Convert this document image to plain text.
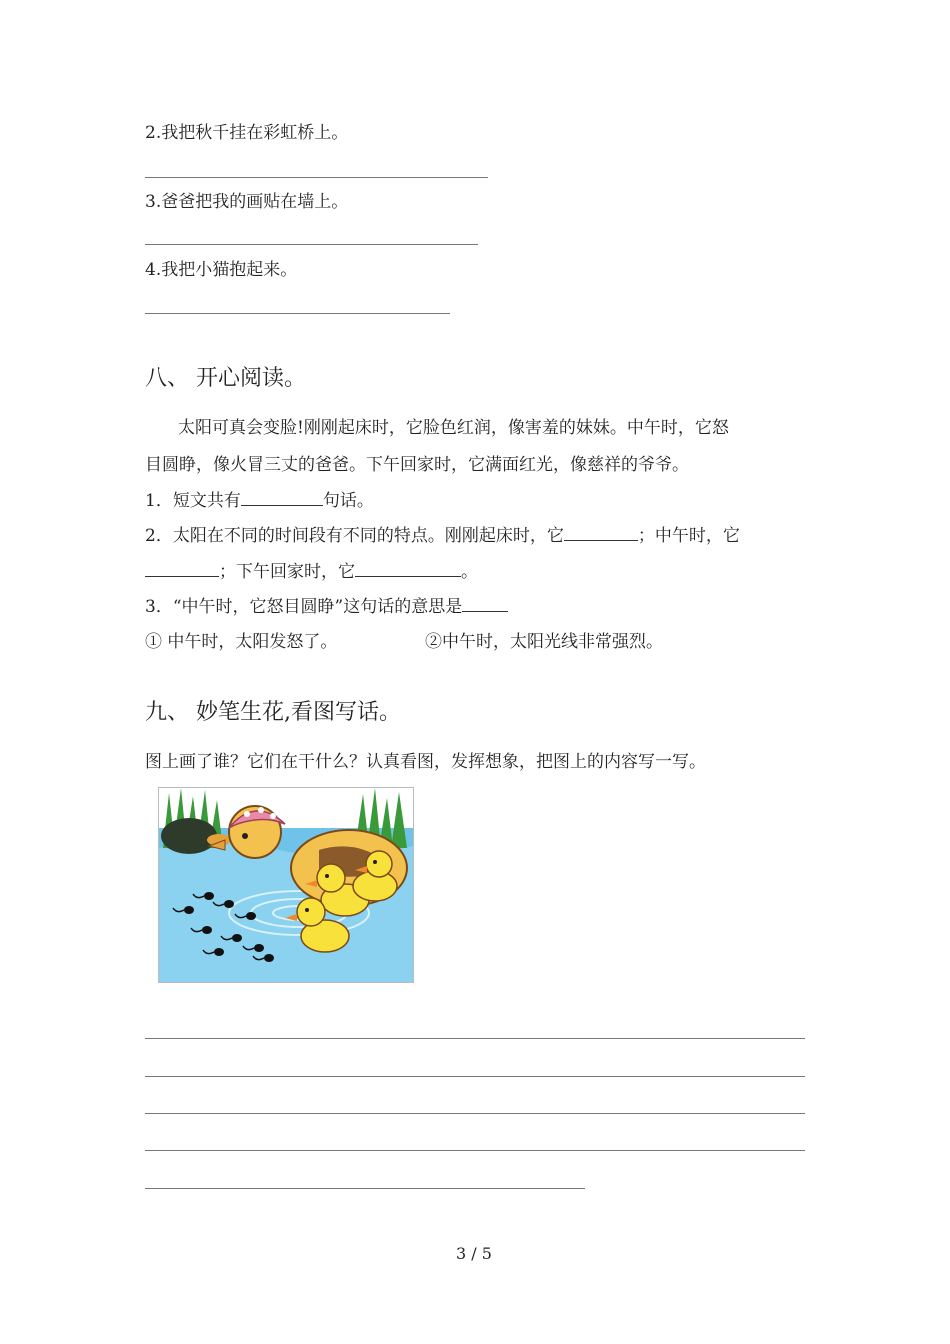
2.我把秋千挂在彩虹桥上。
3.爸爸把我的画贴在墙上。
4.我把小猫抱起来。
八、 开心阅读。
太阳可真会变脸!刚刚起床时，它脸色红润，像害羞的妹妹。中午时，它怒
目圆睁，像火冒三丈的爸爸。下午回家时，它满面红光，像慈祥的爷爷。
1．短文共有	句话。
2．太阳在不同的时间段有不同的特点。刚刚起床时，它	；中午时，它
；下午回家时，它	。
3．“中午时，它怒目圆睁”这句话的意思是
① 中午时，太阳发怒了。	②中午时，太阳光线非常强烈。
九、 妙笔生花,看图写话。
图上画了谁？它们在干什么？认真看图，发挥想象，把图上的内容写一写。
3 / 5
